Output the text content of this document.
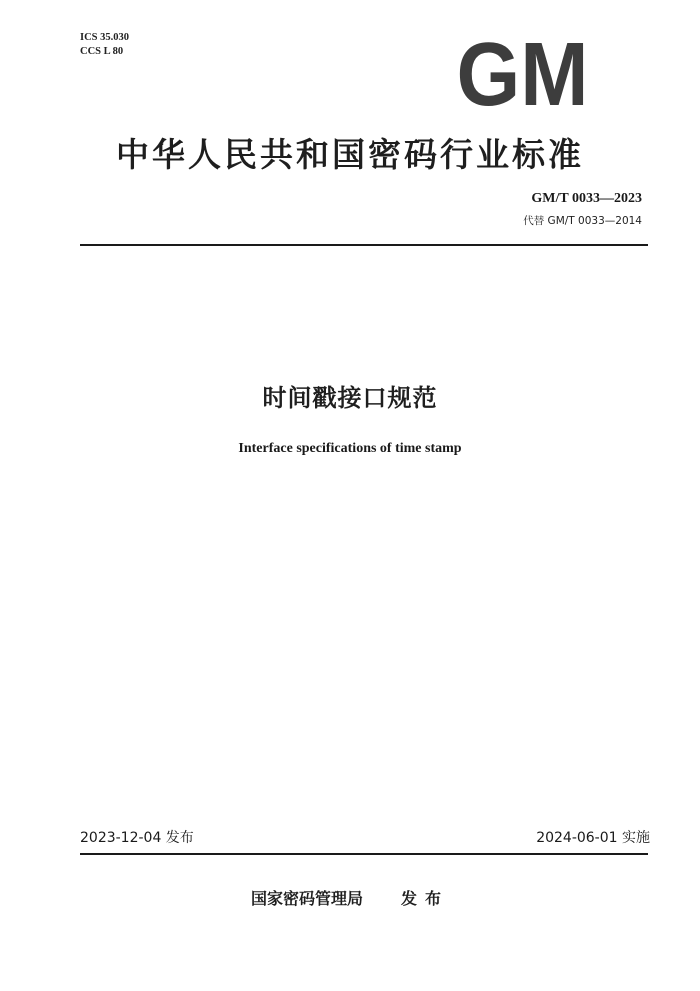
ICS 35.030
CCS L 80	GM
中华人民共和国密码行业标准
GM/T 0033—2023
代替 GM/T 0033—2014
时间戳接口规范
Interface specifications of time stamp
2023-12-04 发布	2024-06-01 实施
国家密码管理局 发布
